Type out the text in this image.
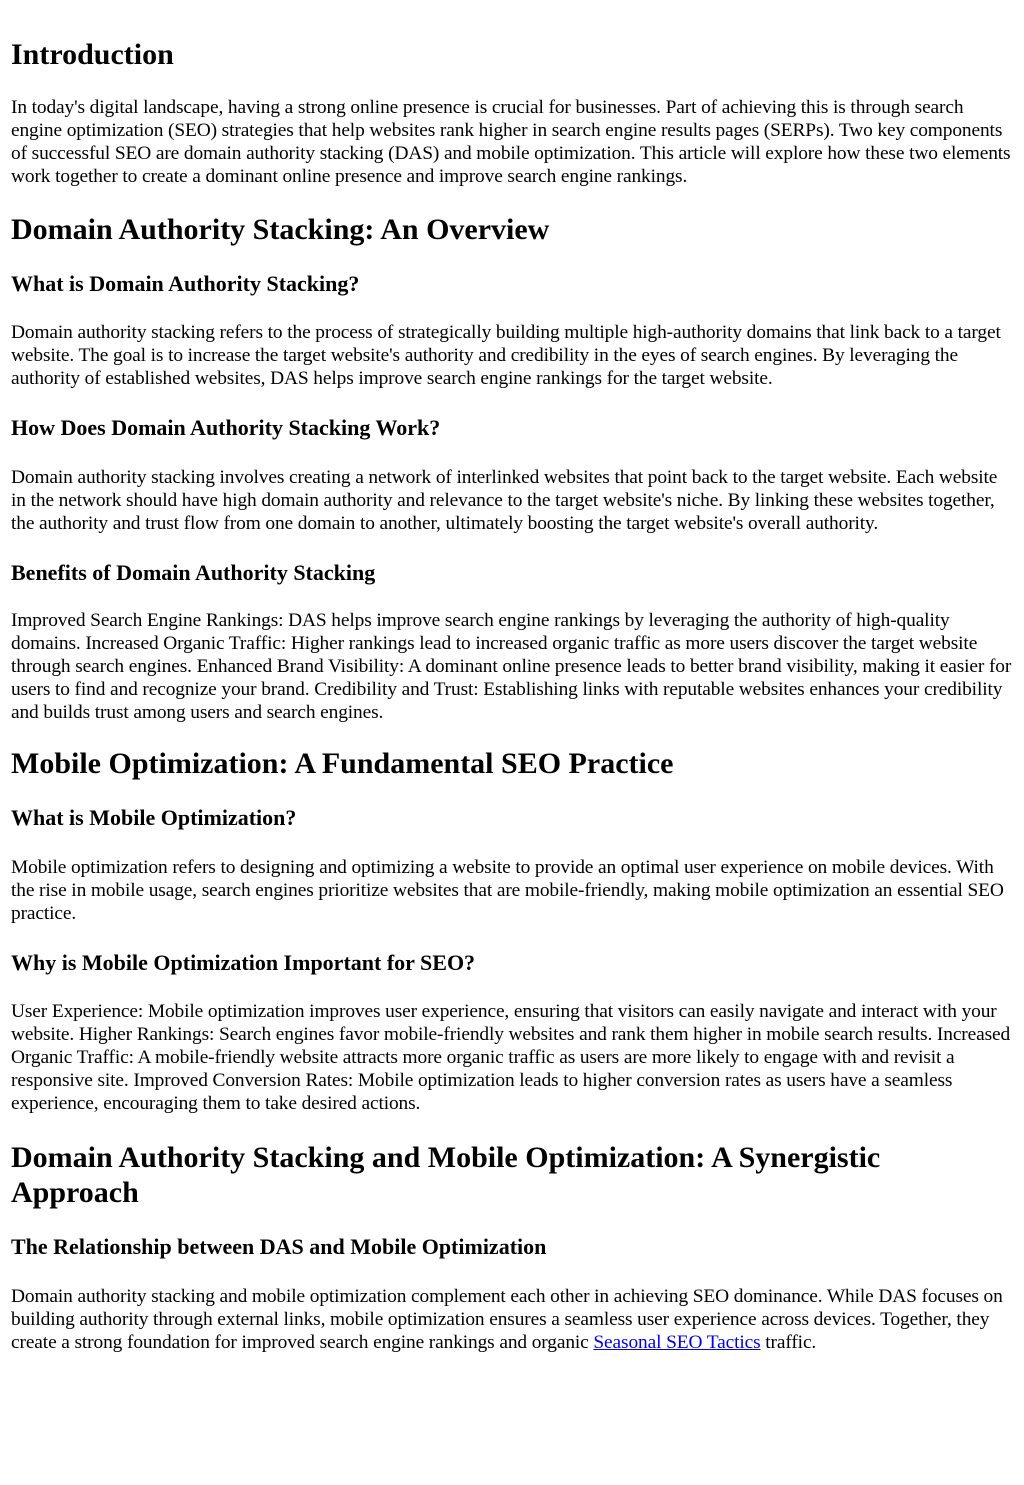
Introduction

In today's digital landscape, having a strong online presence is crucial for businesses. Part of achieving this is through search engine optimization (SEO) strategies that help websites rank higher in search engine results pages (SERPs). Two key components of successful SEO are domain authority stacking (DAS) and mobile optimization. This article will explore how these two elements work together to create a dominant online presence and improve search engine rankings.

Domain Authority Stacking: An Overview
What is Domain Authority Stacking?

Domain authority stacking refers to the process of strategically building multiple high-authority domains that link back to a target website. The goal is to increase the target website's authority and credibility in the eyes of search engines. By leveraging the authority of established websites, DAS helps improve search engine rankings for the target website.

How Does Domain Authority Stacking Work?

Domain authority stacking involves creating a network of interlinked websites that point back to the target website. Each website in the network should have high domain authority and relevance to the target website's niche. By linking these websites together, the authority and trust flow from one domain to another, ultimately boosting the target website's overall authority.

Benefits of Domain Authority Stacking

Improved Search Engine Rankings: DAS helps improve search engine rankings by leveraging the authority of high-quality domains. Increased Organic Traffic: Higher rankings lead to increased organic traffic as more users discover the target website through search engines. Enhanced Brand Visibility: A dominant online presence leads to better brand visibility, making it easier for users to find and recognize your brand. Credibility and Trust: Establishing links with reputable websites enhances your credibility and builds trust among users and search engines.

Mobile Optimization: A Fundamental SEO Practice
What is Mobile Optimization?

Mobile optimization refers to designing and optimizing a website to provide an optimal user experience on mobile devices. With the rise in mobile usage, search engines prioritize websites that are mobile-friendly, making mobile optimization an essential SEO practice.

Why is Mobile Optimization Important for SEO?

User Experience: Mobile optimization improves user experience, ensuring that visitors can easily navigate and interact with your website. Higher Rankings: Search engines favor mobile-friendly websites and rank them higher in mobile search results. Increased Organic Traffic: A mobile-friendly website attracts more organic traffic as users are more likely to engage with and revisit a responsive site. Improved Conversion Rates: Mobile optimization leads to higher conversion rates as users have a seamless experience, encouraging them to take desired actions.

Domain Authority Stacking and Mobile Optimization: A Synergistic Approach
The Relationship between DAS and Mobile Optimization

Domain authority stacking and mobile optimization complement each other in achieving SEO dominance. While DAS focuses on building authority through external links, mobile optimization ensures a seamless user experience across devices. Together, they create a strong foundation for improved search engine rankings and organic Seasonal SEO Tactics traffic.
